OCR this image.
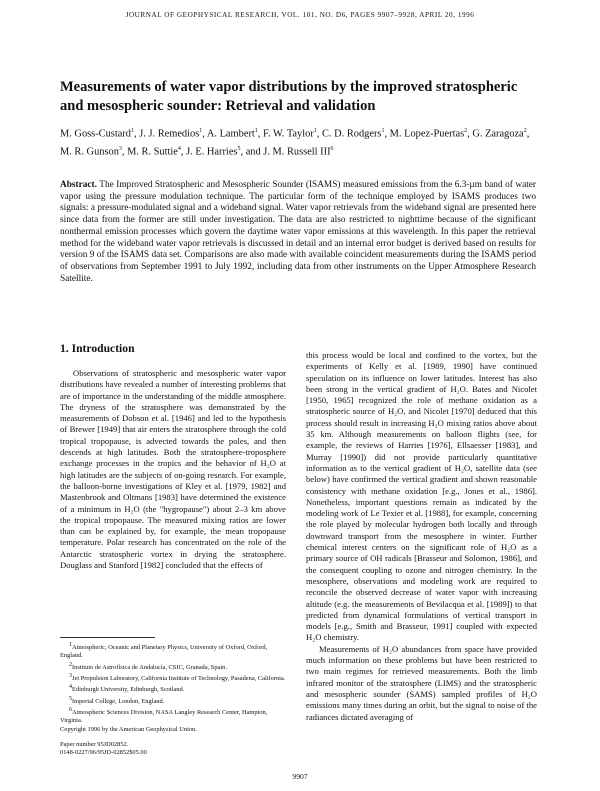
JOURNAL OF GEOPHYSICAL RESEARCH, VOL. 101, NO. D6, PAGES 9907–9928, APRIL 20, 1996
Measurements of water vapor distributions by the improved stratospheric and mesospheric sounder: Retrieval and validation

M. Goss-Custard$^1$, J. J. Remedios$^1$, A. Lambert$^1$, F. W. Taylor$^1$, C. D. Rodgers$^1$, M. Lopez-Puertas$^2$, G. Zaragoza$^2$, M. R. Gunson$^3$, M. R. Suttie$^4$, J. E. Harries$^5$, and J. M. Russell III$^6$

Abstract. The Improved Stratospheric and Mesospheric Sounder (ISAMS) measured emissions from the 6.3-µm band of water vapor using the pressure modulation technique. The particular form of the technique employed by ISAMS produces two signals: a pressure-modulated signal and a wideband signal. Water vapor retrievals from the wideband signal are presented here since data from the former are still under investigation. The data are also restricted to nighttime because of the significant nonthermal emission processes which govern the daytime water vapor emissions at this wavelength. In this paper the retrieval method for the wideband water vapor retrievals is discussed in detail and an internal error budget is derived based on results for version 9 of the ISAMS data set. Comparisons are also made with available coincident measurements during the ISAMS period of observations from September 1991 to July 1992, including data from other instruments on the Upper Atmosphere Research Satellite.

1. Introduction

Observations of stratospheric and mesospheric water vapor distributions have revealed a number of interesting problems that are of importance in the understanding of the middle atmosphere. The dryness of the stratosphere was demonstrated by the measurements of Dobson et al. [1946] and led to the hypothesis of Brewer [1949] that air enters the stratosphere through the cold tropical tropopause, is advected towards the poles, and then descends at high latitudes. Both the stratosphere-troposphere exchange processes in the tropics and the behavior of H₂O at high latitudes are the subjects of on-going research. For example, the balloon-borne investigations of Kley et al. [1979, 1982] and Mastenbrook and Oltmans [1983] have determined the existence of a minimum in H₂O (the "hygropause") about 2–3 km above the tropical tropopause. The measured mixing ratios are lower than can be explained by, for example, the mean tropopause temperature. Polar research has concentrated on the role of the Antarctic stratospheric vortex in drying the stratosphere. Douglass and Stanford [1982] concluded that the effects of

this process would be local and confined to the vortex, but the experiments of Kelly et al. [1989, 1990] have continued speculation on its influence on lower latitudes. Interest has also been strong in the vertical gradient of H₂O. Bates and Nicolet [1950, 1965] recognized the role of methane oxidation as a stratospheric source of H₂O, and Nicolet [1970] deduced that this process should result in increasing H₂O mixing ratios above about 35 km. Although measurements on balloon flights (see, for example, the reviews of Harries [1976], Ellsaesser [1983], and Murray [1990]) did not provide particularly quantitative information as to the vertical gradient of H₂O, satellite data (see below) have confirmed the vertical gradient and shown reasonable consistency with methane oxidation [e.g., Jones et al., 1986]. Nonetheless, important questions remain as indicated by the modeling work of Le Texier et al. [1988], for example, concerning the role played by molecular hydrogen both locally and through downward transport from the mesosphere in winter. Further chemical interest centers on the significant role of H₂O as a primary source of OH radicals [Brasseur and Solomon, 1986], and the consequent coupling to ozone and nitrogen chemistry. In the mesosphere, observations and modeling work are required to reconcile the observed decrease of water vapor with increasing altitude (e.g. the measurements of Bevilacqua et al. [1989]) to that predicted from dynamical formulations of vertical transport in models [e.g., Smith and Brasseur, 1991] coupled with expected H₂O chemistry.

Measurements of H₂O abundances from space have provided much information on these problems but have been restricted to two main regimes for retrieved measurements. Both the limb infrared monitor of the stratosphere (LIMS) and the stratospheric and mesospheric sounder (SAMS) sampled profiles of H₂O emissions many times during an orbit, but the signal to noise of the radiances dictated averaging of

$^1$Atmospheric, Oceanic and Planetary Physics, University of Oxford, Oxford, England.

$^2$Instituto de Astrofísica de Andalucía, CSIC, Granada, Spain.

$^3$Jet Propulsion Laboratory, California Institute of Technology, Pasadena, California.

$^4$Edinburgh University, Edinburgh, Scotland.

$^5$Imperial College, London, England.

$^6$Atmospheric Sciences Division, NASA Langley Research Center, Hampton, Virginia.

Copyright 1996 by the American Geophysical Union.

Paper number 95JD02852.

0148-0227/96/95JD-02852$05.00

9907
